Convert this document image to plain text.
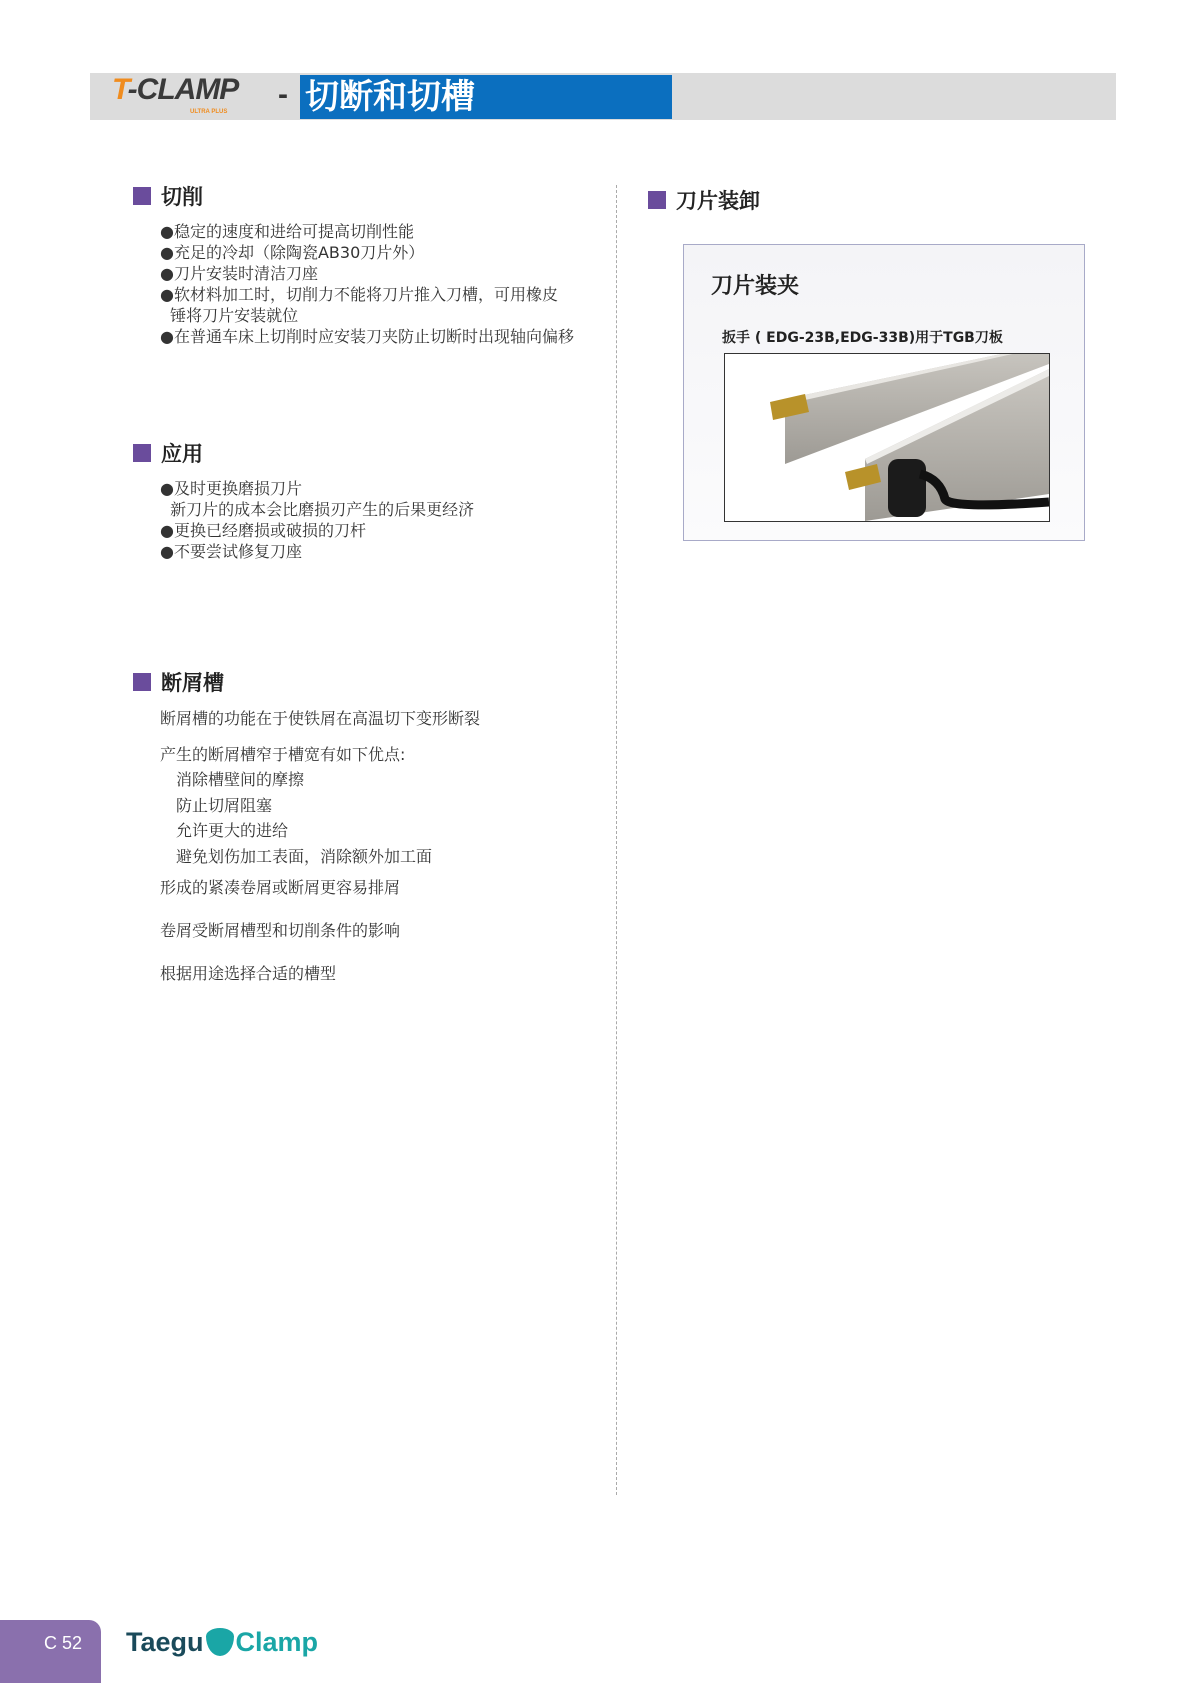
T-CLAMP
ULTRA PLUS
- 切断和切槽
切削
●稳定的速度和进给可提高切削性能
●充足的冷却（除陶瓷AB30刀片外）
●刀片安装时清洁刀座
●软材料加工时，切削力不能将刀片推入刀槽，可用橡皮
锤将刀片安装就位
●在普通车床上切削时应安装刀夹防止切断时出现轴向偏移
应用
●及时更换磨损刀片
新刀片的成本会比磨损刃产生的后果更经济
●更换已经磨损或破损的刀杆
●不要尝试修复刀座
断屑槽
断屑槽的功能在于使铁屑在高温切下变形断裂
产生的断屑槽窄于槽宽有如下优点:
消除槽壁间的摩擦
防止切屑阻塞
允许更大的进给
避免划伤加工表面，消除额外加工面
形成的紧凑卷屑或断屑更容易排屑
卷屑受断屑槽型和切削条件的影响
根据用途选择合适的槽型
刀片装卸
刀片装夹
扳手 ( EDG-23B,EDG-33B)用于TGB刀板
C 52 Taegu Clamp
